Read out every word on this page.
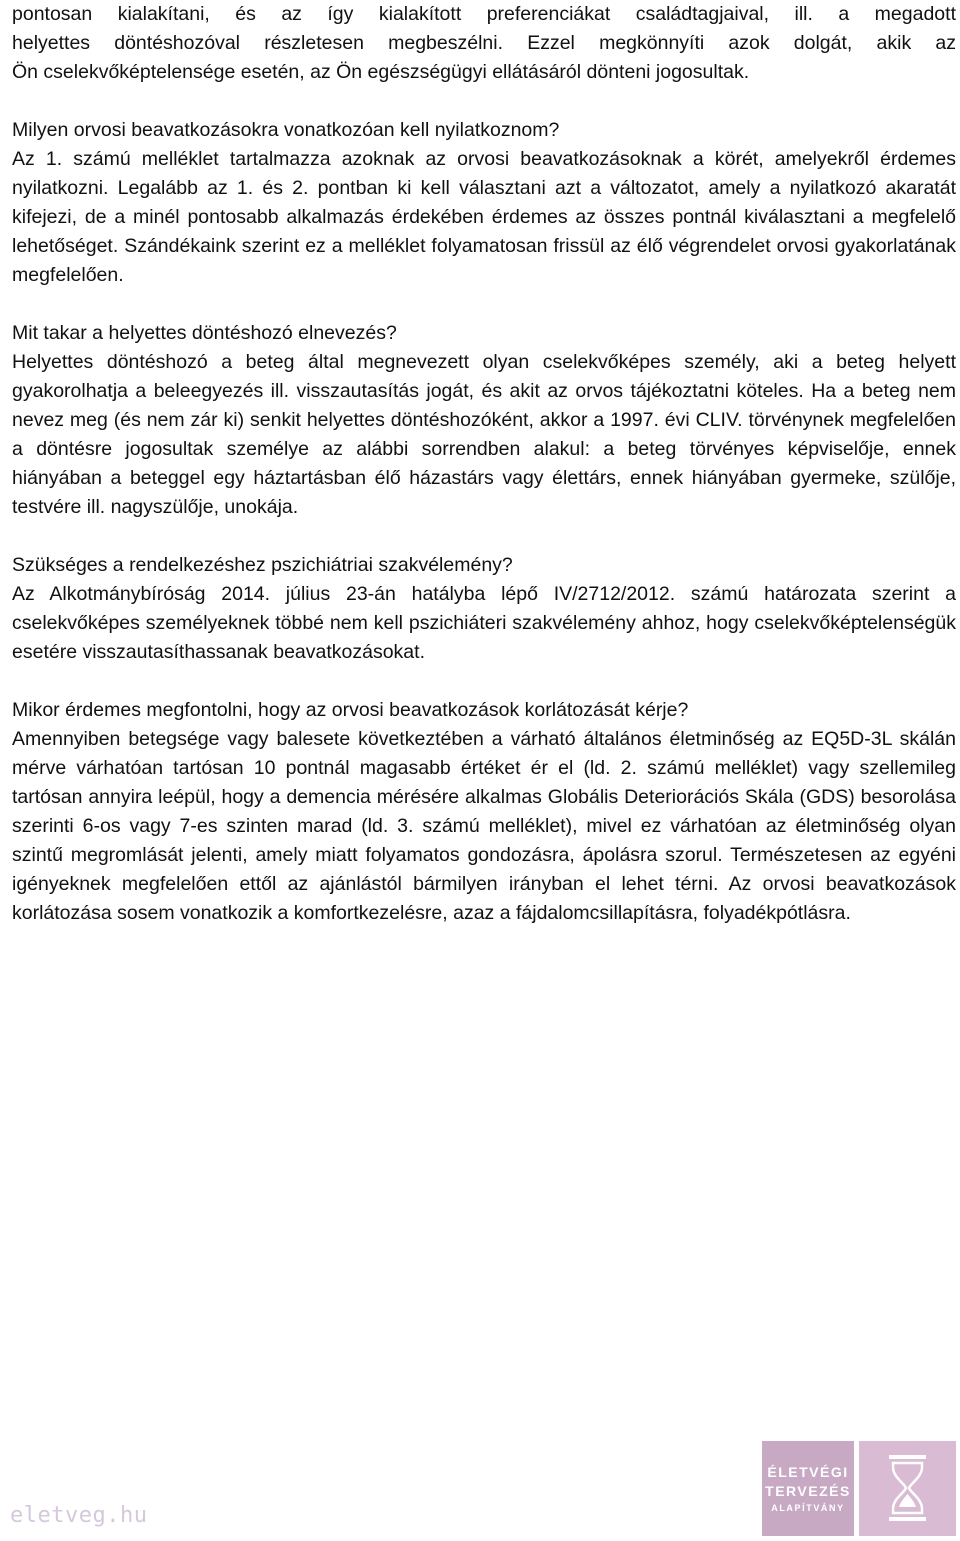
pontosan kialakítani, és az így kialakított preferenciákat családtagjaival, ill. a megadott
helyettes döntéshozóval részletesen megbeszélni. Ezzel megkönnyíti azok dolgát, akik az
Ön cselekvőképtelensége esetén, az Ön egészségügyi ellátásáról dönteni jogosultak.

Milyen orvosi beavatkozásokra vonatkozóan kell nyilatkoznom?

Az 1. számú melléklet tartalmazza azoknak az orvosi beavatkozásoknak a körét, amelyekről érdemes nyilatkozni. Legalább az 1. és 2. pontban ki kell választani azt a változatot, amely a nyilatkozó akaratát kifejezi, de a minél pontosabb alkalmazás érdekében érdemes az összes pontnál kiválasztani a megfelelő lehetőséget. Szándékaink szerint ez a melléklet folyamatosan frissül az élő végrendelet orvosi gyakorlatának megfelelően.

Mit takar a helyettes döntéshozó elnevezés?

Helyettes döntéshozó a beteg által megnevezett olyan cselekvőképes személy, aki a beteg helyett gyakorolhatja a beleegyezés ill. visszautasítás jogát, és akit az orvos tájékoztatni köteles. Ha a beteg nem nevez meg (és nem zár ki) senkit helyettes döntéshozóként, akkor a 1997. évi CLIV. törvénynek megfelelően a döntésre jogosultak személye az alábbi sorrendben alakul: a beteg törvényes képviselője, ennek hiányában a beteggel egy háztartásban élő házastárs vagy élettárs, ennek hiányában gyermeke, szülője, testvére ill. nagyszülője, unokája.

Szükséges a rendelkezéshez pszichiátriai szakvélemény?

Az Alkotmánybíróság 2014. július 23-án hatályba lépő IV/2712/2012. számú határozata szerint a cselekvőképes személyeknek többé nem kell pszichiáteri szakvélemény ahhoz, hogy cselekvőképtelenségük esetére visszautasíthassanak beavatkozásokat.

Mikor érdemes megfontolni, hogy az orvosi beavatkozások korlátozását kérje?

Amennyiben betegsége vagy balesete következtében a várható általános életminőség az EQ5D-3L skálán mérve várhatóan tartósan 10 pontnál magasabb értéket ér el (ld. 2. számú melléklet) vagy szellemileg tartósan annyira leépül, hogy a demencia mérésére alkalmas Globális Deteriorációs Skála (GDS) besorolása szerinti 6-os vagy 7-es szinten marad (ld. 3. számú melléklet), mivel ez várhatóan az életminőség olyan szintű megromlását jelenti, amely miatt folyamatos gondozásra, ápolásra szorul. Természetesen az egyéni igényeknek megfelelően ettől az ajánlástól bármilyen irányban el lehet térni. Az orvosi beavatkozások korlátozása sosem vonatkozik a komfortkezelésre, azaz a fájdalomcsillapításra, folyadékpótlásra.

eletveg.hu
ÉLETVÉGI
TERVEZÉS
ALAPÍTVÁNY
